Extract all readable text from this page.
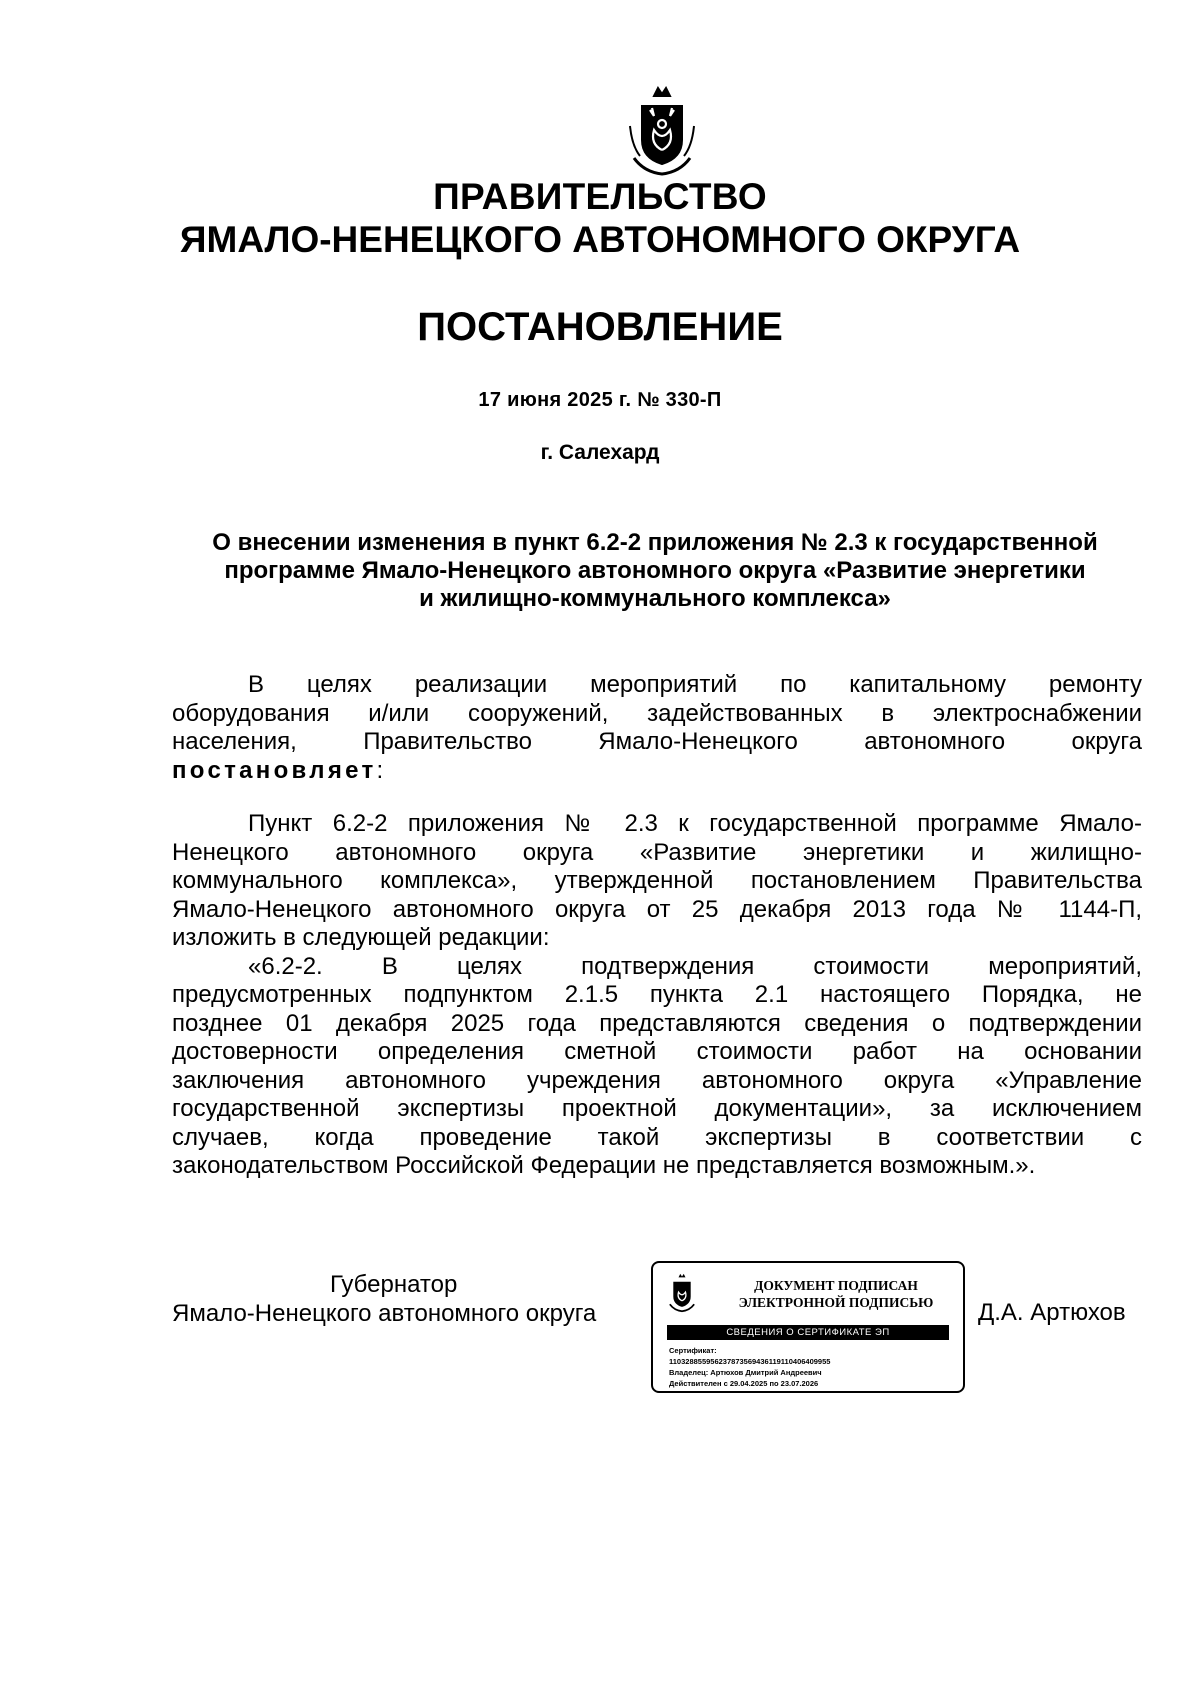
ПРАВИТЕЛЬСТВО
ЯМАЛО-НЕНЕЦКОГО АВТОНОМНОГО ОКРУГА
ПОСТАНОВЛЕНИЕ
17 июня 2025 г. № 330-П
г. Салехард
О внесении изменения в пункт 6.2-2 приложения № 2.3 к государственной
программе Ямало-Ненецкого автономного округа «Развитие энергетики
и жилищно-коммунального комплекса»
В целях реализации мероприятий по капитальному ремонту
оборудования и/или сооружений, задействованных в электроснабжении
населения, Правительство Ямало-Ненецкого автономного округа
постановляет:
Пункт 6.2-2 приложения № 2.3 к государственной программе Ямало-
Ненецкого автономного округа «Развитие энергетики и жилищно-
коммунального комплекса», утвержденной постановлением Правительства
Ямало-Ненецкого автономного округа от 25 декабря 2013 года № 1144-П,
изложить в следующей редакции:
«6.2-2. В целях подтверждения стоимости мероприятий,
предусмотренных подпунктом 2.1.5 пункта 2.1 настоящего Порядка, не
позднее 01 декабря 2025 года представляются сведения о подтверждении
достоверности определения сметной стоимости работ на основании
заключения автономного учреждения автономного округа «Управление
государственной экспертизы проектной документации», за исключением
случаев, когда проведение такой экспертизы в соответствии с
законодательством Российской Федерации не представляется возможным.».
Губернатор
Ямало-Ненецкого автономного округа
ДОКУМЕНТ ПОДПИСАН
ЭЛЕКТРОННОЙ ПОДПИСЬЮ
СВЕДЕНИЯ О СЕРТИФИКАТЕ ЭП
Сертификат:
110328855956237873569436119110406409955
Владелец: Артюхов Дмитрий Андреевич
Действителен с 29.04.2025 по 23.07.2026
Д.А. Артюхов
